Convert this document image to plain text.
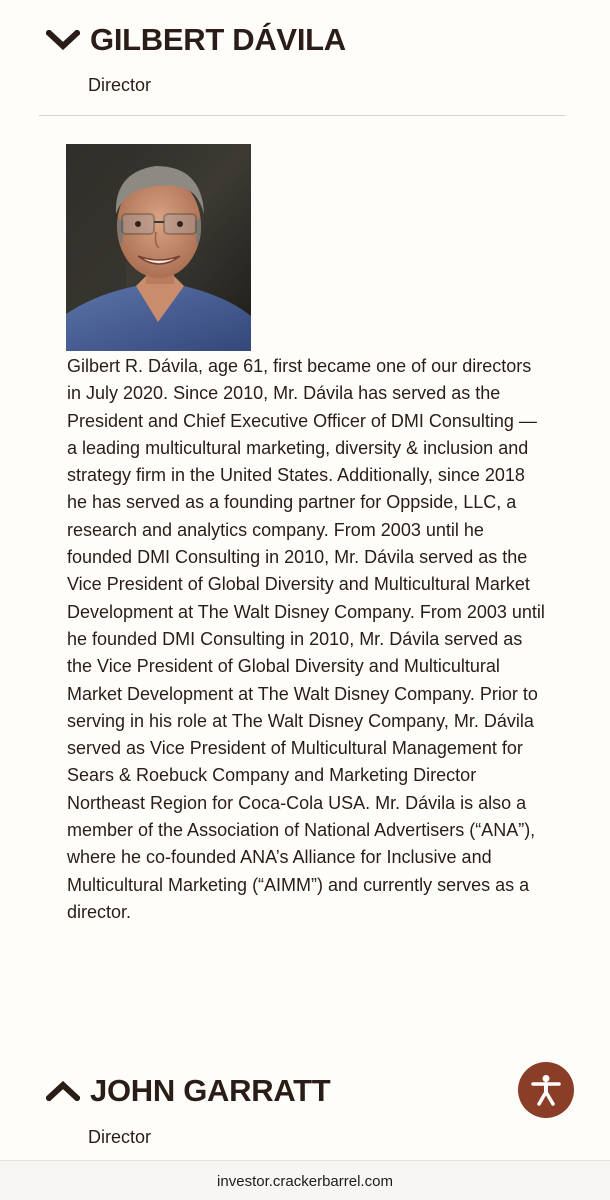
GILBERT DÁVILA
Director

Gilbert R. Dávila, age 61, first became one of our directors in July 2020. Since 2010, Mr. Dávila has served as the President and Chief Executive Officer of DMI Consulting — a leading multicultural marketing, diversity & inclusion and strategy firm in the United States. Additionally, since 2018 he has served as a founding partner for Oppside, LLC, a research and analytics company. From 2003 until he founded DMI Consulting in 2010, Mr. Dávila served as the Vice President of Global Diversity and Multicultural Market Development at The Walt Disney Company. From 2003 until he founded DMI Consulting in 2010, Mr. Dávila served as the Vice President of Global Diversity and Multicultural Market Development at The Walt Disney Company. Prior to serving in his role at The Walt Disney Company, Mr. Dávila served as Vice President of Multicultural Management for Sears & Roebuck Company and Marketing Director Northeast Region for Coca-Cola USA. Mr. Dávila is also a member of the Association of National Advertisers (“ANA”), where he co-founded ANA’s Alliance for Inclusive and Multicultural Marketing (“AIMM”) and currently serves as a director.

JOHN GARRATT
Director
investor.crackerbarrel.com
